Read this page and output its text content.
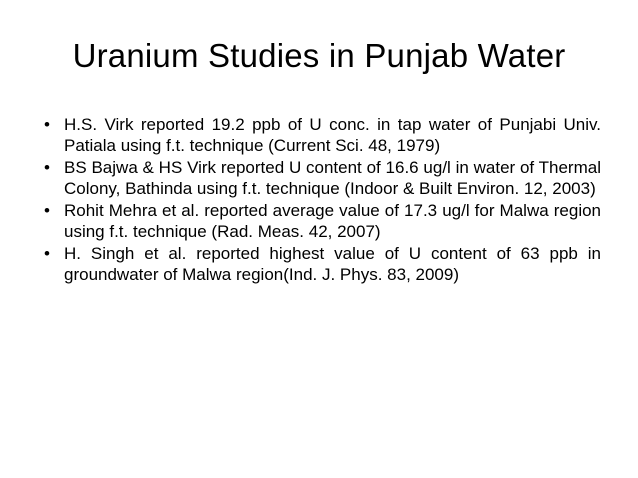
Uranium Studies in Punjab Water
• H.S. Virk reported 19.2 ppb of U conc. in tap water of Punjabi Univ. Patiala using f.t. technique (Current Sci. 48, 1979)
• BS Bajwa & HS Virk reported U content of 16.6 ug/l in water of Thermal Colony, Bathinda using f.t. technique (Indoor & Built Environ. 12, 2003)
• Rohit Mehra et al. reported average value of 17.3 ug/l for Malwa region using f.t. technique (Rad. Meas. 42, 2007)
• H. Singh et al. reported highest value of U content of 63 ppb in groundwater of Malwa region(Ind. J. Phys. 83, 2009)
